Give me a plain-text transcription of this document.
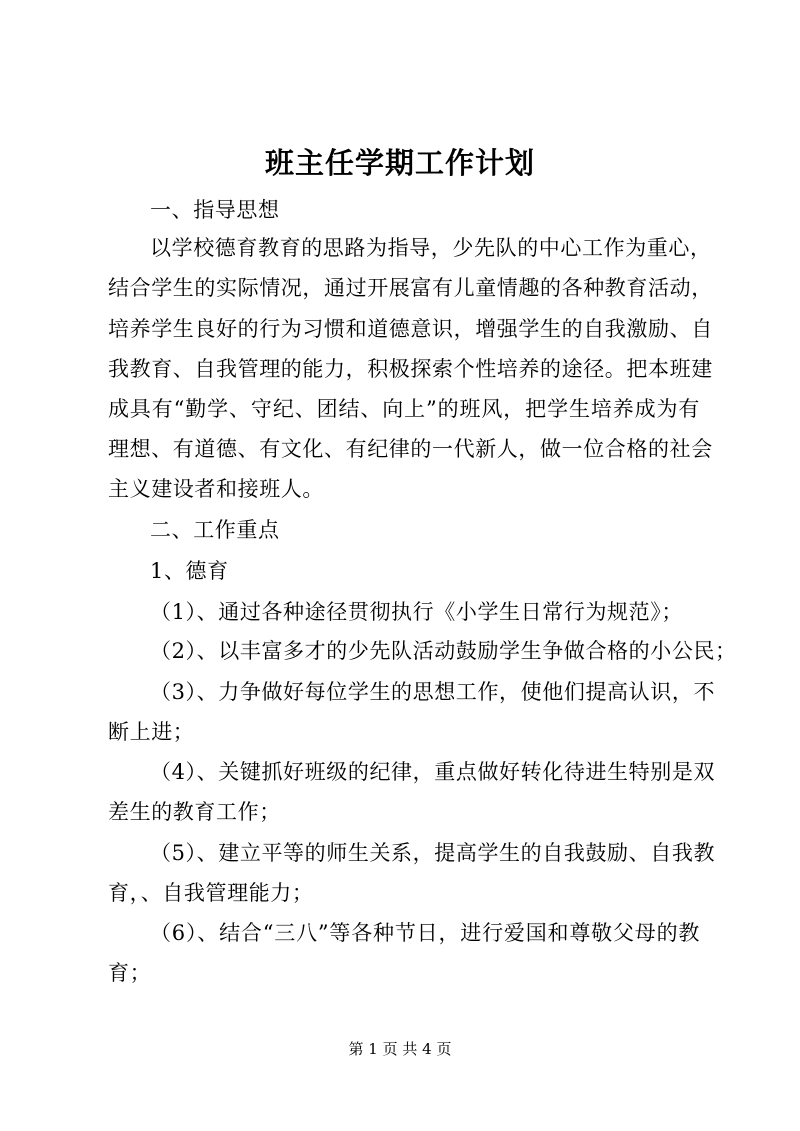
班主任学期工作计划
一、指导思想
以学校德育教育的思路为指导，少先队的中心工作为重心，
结合学生的实际情况，通过开展富有儿童情趣的各种教育活动，
培养学生良好的行为习惯和道德意识，增强学生的自我激励、自
我教育、自我管理的能力，积极探索个性培养的途径。把本班建
成具有“勤学、守纪、团结、向上”的班风，把学生培养成为有
理想、有道德、有文化、有纪律的一代新人，做一位合格的社会
主义建设者和接班人。
二、工作重点
1、德育
（1）、通过各种途径贯彻执行《小学生日常行为规范》；
（2）、以丰富多才的少先队活动鼓励学生争做合格的小公民；
（3）、力争做好每位学生的思想工作，使他们提高认识，不
断上进；
（4）、关键抓好班级的纪律，重点做好转化待进生特别是双
差生的教育工作；
（5）、建立平等的师生关系，提高学生的自我鼓励、自我教
育，、自我管理能力；
（6）、结合“三八”等各种节日，进行爱国和尊敬父母的教
育；
第 1 页 共 4 页
